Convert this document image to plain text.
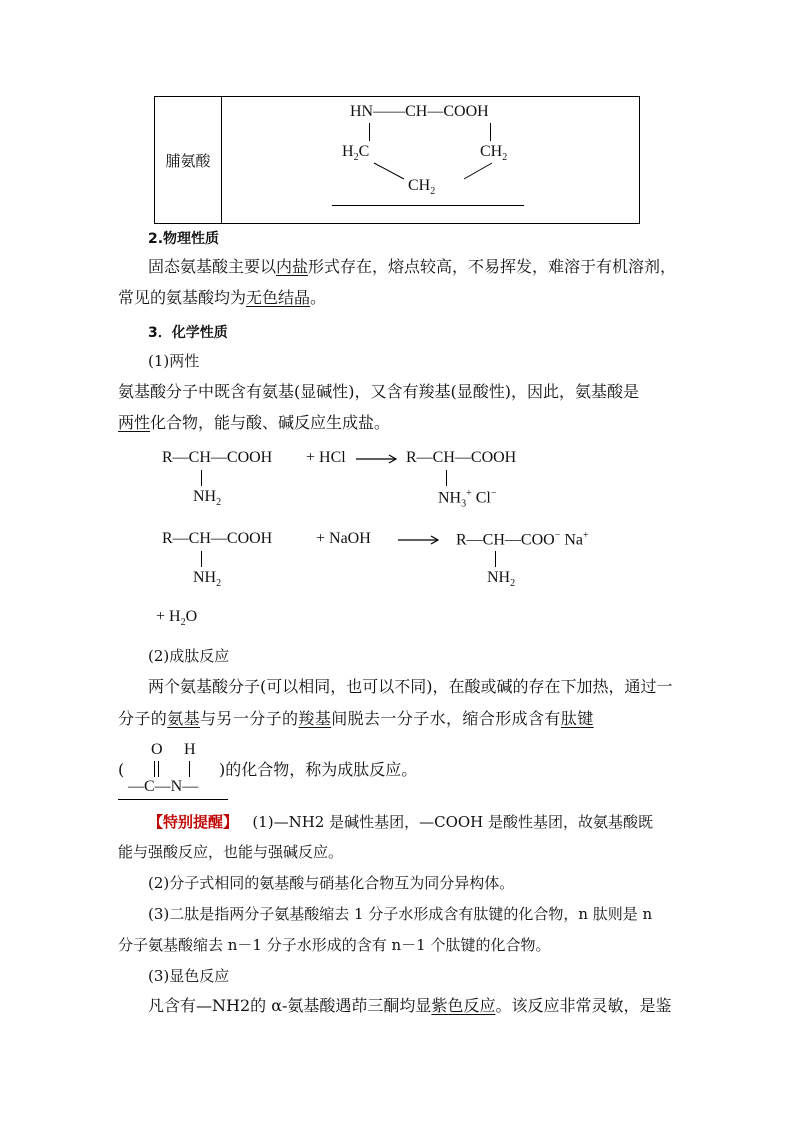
脯氨酸	
HN——CH—COOH
$H_2C$	$CH_2$
$CH_2$
2.物理性质
固态氨基酸主要以内盐形式存在，熔点较高，不易挥发，难溶于有机溶剂，
常见的氨基酸均为无色结晶。
3．化学性质
(1)两性
氨基酸分子中既含有氨基(显碱性)，又含有羧基(显酸性)，因此，氨基酸是
两性化合物，能与酸、碱反应生成盐。
R—CH—COOH
$NH_2$
+ HCl	R—CH—COOH
$NH_3^+$ Cl−
R—CH—COOH
$NH_2$
+ NaOH	R—CH—COO− Na+
$NH_2$
+ $H_2O$
(2)成肽反应
两个氨基酸分子(可以相同，也可以不同)，在酸或碱的存在下加热，通过一
分子的氨基与另一分子的羧基间脱去一分子水，缩合形成含有肽键
O H
(	)的化合物，称为成肽反应。
—C—N—
【特别提醒】 (1)—NH2 是碱性基团，—COOH 是酸性基团，故氨基酸既
能与强酸反应，也能与强碱反应。
(2)分子式相同的氨基酸与硝基化合物互为同分异构体。
(3)二肽是指两分子氨基酸缩去 1 分子水形成含有肽键的化合物，n 肽则是 n
分子氨基酸缩去 n－1 分子水形成的含有 n－1 个肽键的化合物。
(3)显色反应
凡含有—NH2的 α-氨基酸遇茚三酮均显紫色反应。该反应非常灵敏，是鉴
